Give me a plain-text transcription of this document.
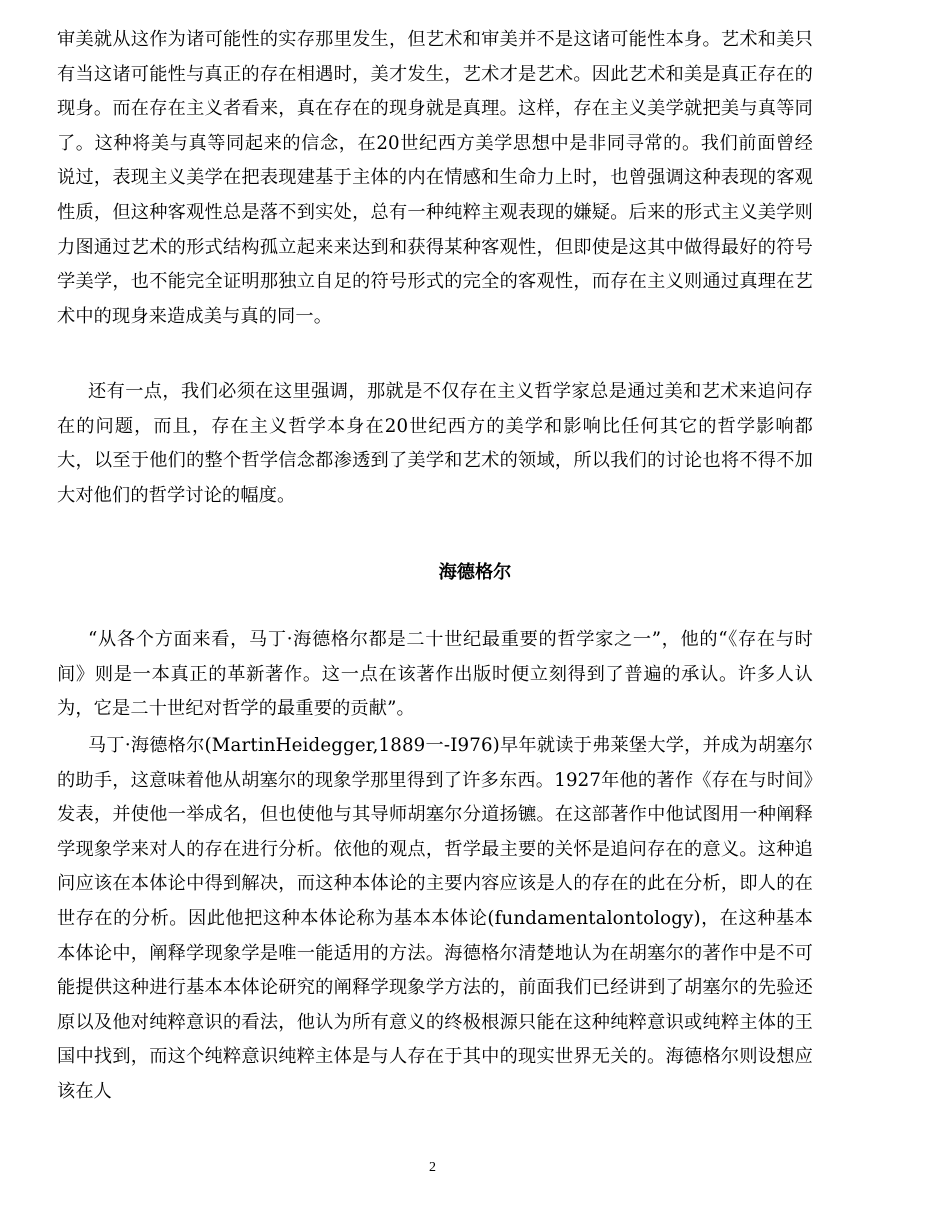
审美就从这作为诸可能性的实存那里发生，但艺术和审美并不是这诸可能性本身。艺术和美只有当这诸可能性与真正的存在相遇时，美才发生，艺术才是艺术。因此艺术和美是真正存在的现身。而在存在主义者看来，真在存在的现身就是真理。这样，存在主义美学就把美与真等同了。这种将美与真等同起来的信念，在20世纪西方美学思想中是非同寻常的。我们前面曾经说过，表现主义美学在把表现建基于主体的内在情感和生命力上时，也曾强调这种表现的客观性质，但这种客观性总是落不到实处，总有一种纯粹主观表现的嫌疑。后来的形式主义美学则力图通过艺术的形式结构孤立起来来达到和获得某种客观性，但即使是这其中做得最好的符号学美学，也不能完全证明那独立自足的符号形式的完全的客观性，而存在主义则通过真理在艺术中的现身来造成美与真的同一。

还有一点，我们必须在这里强调，那就是不仅存在主义哲学家总是通过美和艺术来追问存在的问题，而且，存在主义哲学本身在20世纪西方的美学和影响比任何其它的哲学影响都大，以至于他们的整个哲学信念都渗透到了美学和艺术的领域，所以我们的讨论也将不得不加大对他们的哲学讨论的幅度。

海德格尔

“从各个方面来看，马丁·海德格尔都是二十世纪最重要的哲学家之一”，他的“《存在与时间》则是一本真正的革新著作。这一点在该著作出版时便立刻得到了普遍的承认。许多人认为，它是二十世纪对哲学的最重要的贡献”。

马丁·海德格尔(MartinHeidegger,1889一-I976)早年就读于弗莱堡大学，并成为胡塞尔的助手，这意味着他从胡塞尔的现象学那里得到了许多东西。1927年他的著作《存在与时间》发表，并使他一举成名，但也使他与其导师胡塞尔分道扬镳。在这部著作中他试图用一种阐释学现象学来对人的存在进行分析。依他的观点，哲学最主要的关怀是追问存在的意义。这种追问应该在本体论中得到解决，而这种本体论的主要内容应该是人的存在的此在分析，即人的在世存在的分析。因此他把这种本体论称为基本本体论(fundamentalontology)，在这种基本本体论中，阐释学现象学是唯一能适用的方法。海德格尔清楚地认为在胡塞尔的著作中是不可能提供这种进行基本本体论研究的阐释学现象学方法的，前面我们已经讲到了胡塞尔的先验还原以及他对纯粹意识的看法，他认为所有意义的终极根源只能在这种纯粹意识或纯粹主体的王国中找到，而这个纯粹意识纯粹主体是与人存在于其中的现实世界无关的。海德格尔则设想应该在人

2
